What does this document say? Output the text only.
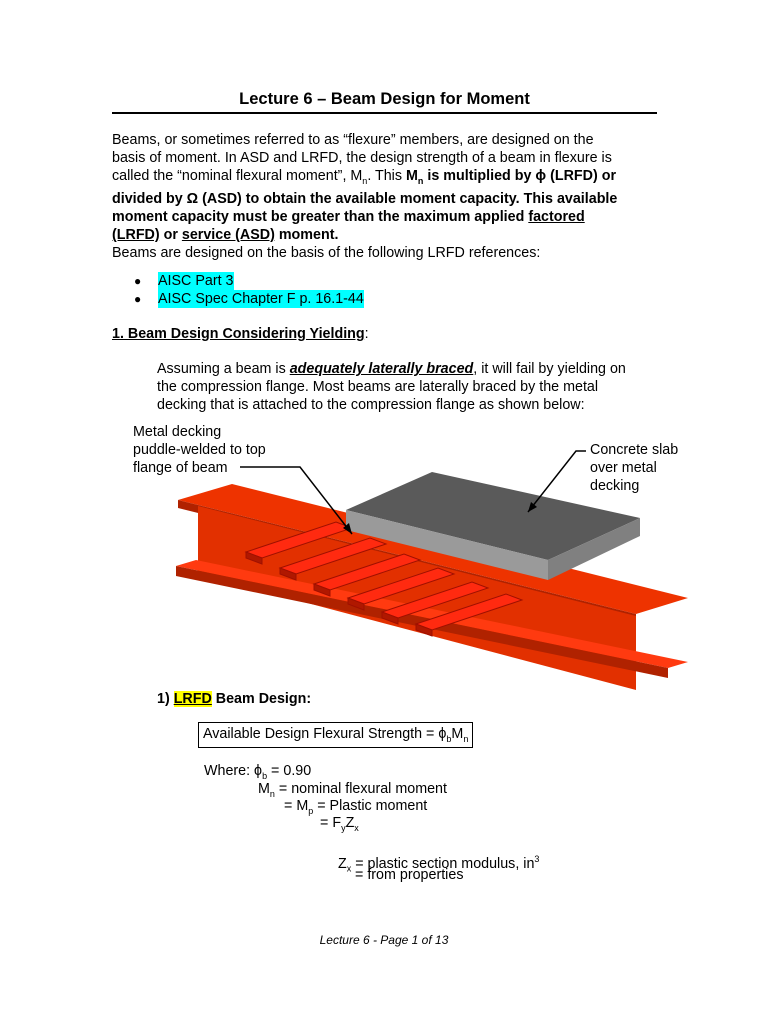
Lecture 6 – Beam Design for Moment
Beams, or sometimes referred to as “flexure” members, are designed on the
basis of moment. In ASD and LRFD, the design strength of a beam in flexure is
called the “nominal flexural moment”, $M_n$. This $M_n$ is multiplied by ϕ (LRFD) or
divided by Ω (ASD) to obtain the available moment capacity. This available
moment capacity must be greater than the maximum applied factored
(LRFD) or service (ASD) moment.
Beams are designed on the basis of the following LRFD references:
●	AISC Part 3
●	AISC Spec Chapter F p. 16.1-44
1. Beam Design Considering Yielding:
Assuming a beam is adequately laterally braced, it will fail by yielding on
the compression flange. Most beams are laterally braced by the metal
decking that is attached to the compression flange as shown below:
Metal decking
puddle-welded to top
flange of beam
Concrete slab
over metal
decking
1) LRFD Beam Design:
Available Design Flexural Strength = $\phi_bM_n$
Where: $\phi_b = 0.90$
$M_n$ = nominal flexural moment
= $M_p$ = Plastic moment
= $F_yZ_x$
$Z_x$ = plastic section modulus, $in^3$
= from properties
Lecture 6 - Page 1 of 13
